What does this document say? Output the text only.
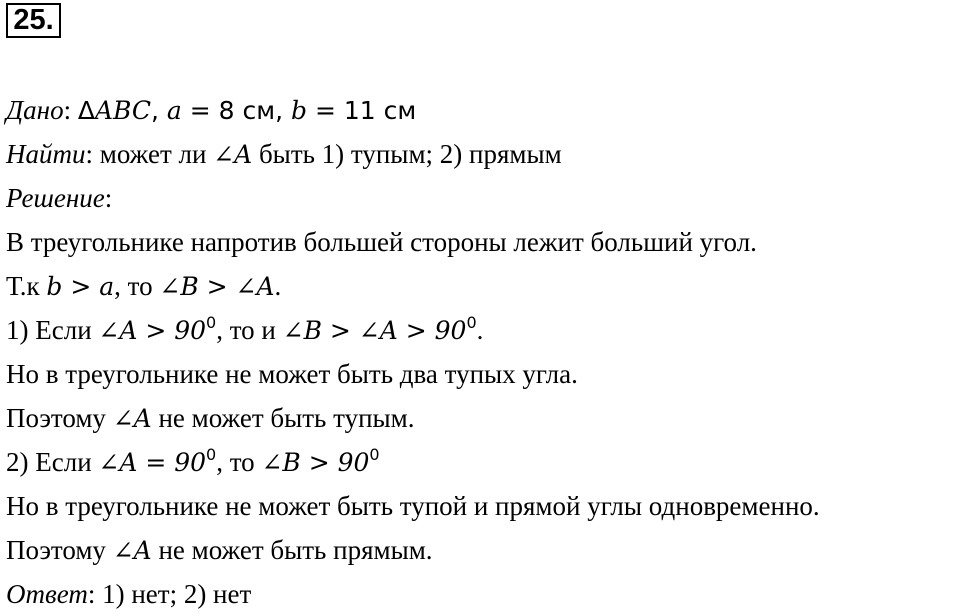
25.
Дано: ΔABC, a = 8 см, b = 11 см
Найти: может ли ∠A быть 1) тупым; 2) прямым
Решение:
В треугольнике напротив большей стороны лежит больший угол.
Т.к b > a, то ∠B > ∠A.
1) Если ∠A > $90^0$, то и ∠B > ∠A > $90^0$.
Но в треугольнике не может быть два тупых угла.
Поэтому ∠A не может быть тупым.
2) Если ∠A = $90^0$, то ∠B > $90^0$
Но в треугольнике не может быть тупой и прямой углы одновременно.
Поэтому ∠A не может быть прямым.
Ответ: 1) нет; 2) нет
